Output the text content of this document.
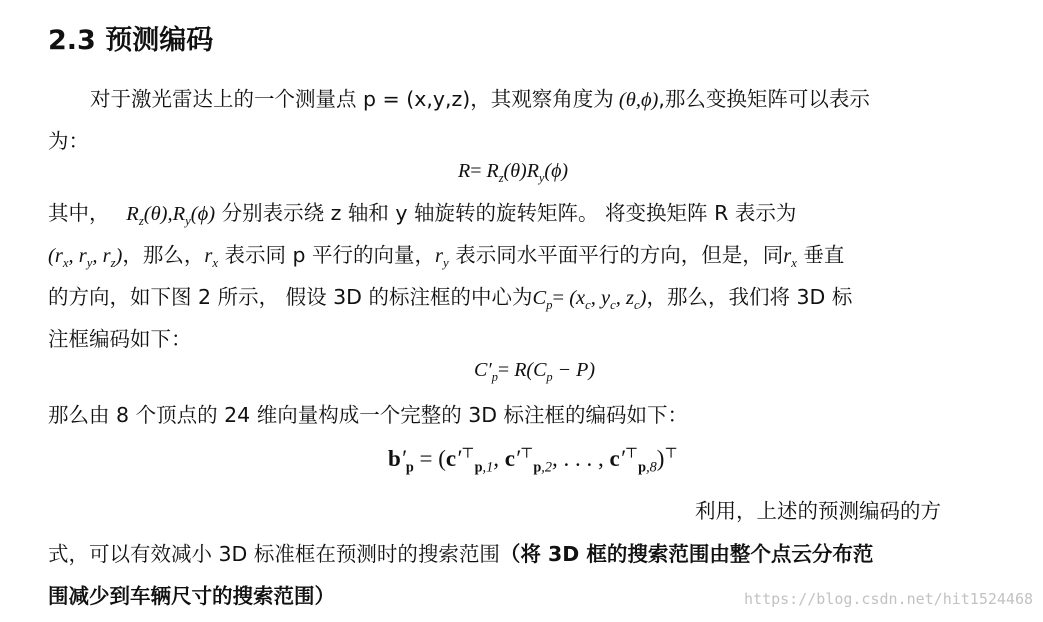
2.3 预测编码
对于激光雷达上的一个测量点 p = (x,y,z)，其观察角度为 (θ,ϕ),那么变换矩阵可以表示
为：
$R= R_z(\theta)R_y(\phi)$
其中，   $R_z(\theta),R_y(\phi)$ 分别表示绕 z 轴和 y 轴旋转的旋转矩阵。 将变换矩阵 R 表示为
($r_x$, $r_y$, $r_z$)，那么，$r_x$ 表示同 p 平行的向量，$r_y$ 表示同水平面平行的方向，但是，同$r_x$ 垂直
的方向，如下图 2 所示， 假设 3D 的标注框的中心为$C_p= (x_c$, $y_c$, $z_c$)，那么，我们将 3D 标
注框编码如下：
$C'_p= R(C_p - P)$
那么由 8 个顶点的 24 维向量构成一个完整的 3D 标注框的编码如下：
$b'_p = (c'^⊤_{p,1}$, $c'^⊤_{p,2}$, . . . , $c'^⊤_{p,8})^⊤$
利用，上述的预测编码的方
式，可以有效减小 3D 标准框在预测时的搜索范围（将 3D 框的搜索范围由整个点云分布范
围减少到车辆尺寸的搜索范围）	https://blog.csdn.net/hit1524468
